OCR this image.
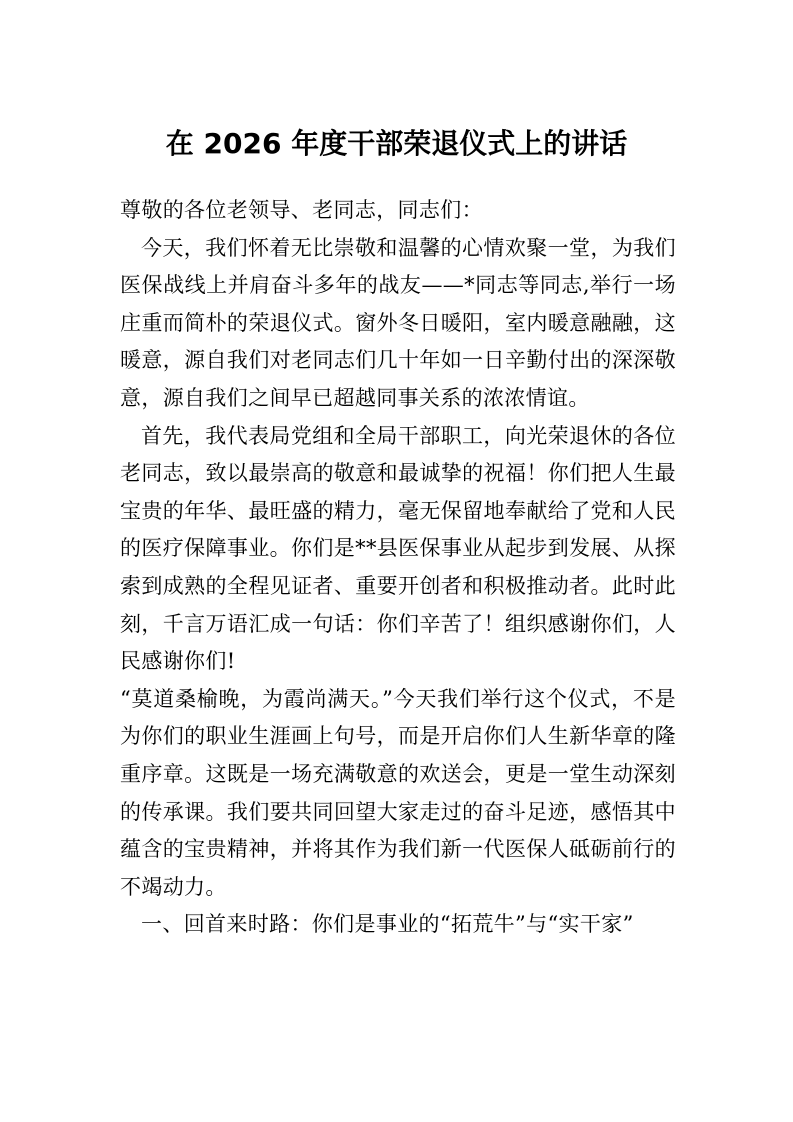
在 2026 年度干部荣退仪式上的讲话

尊敬的各位老领导、老同志，同志们：

今天，我们怀着无比崇敬和温馨的心情欢聚一堂，为我们医保战线上并肩奋斗多年的战友——*同志等同志,举行一场庄重而简朴的荣退仪式。窗外冬日暖阳，室内暖意融融，这暖意，源自我们对老同志们几十年如一日辛勤付出的深深敬意，源自我们之间早已超越同事关系的浓浓情谊。

首先，我代表局党组和全局干部职工，向光荣退休的各位老同志，致以最崇高的敬意和最诚挚的祝福！你们把人生最宝贵的年华、最旺盛的精力，毫无保留地奉献给了党和人民的医疗保障事业。你们是**县医保事业从起步到发展、从探索到成熟的全程见证者、重要开创者和积极推动者。此时此刻，千言万语汇成一句话：你们辛苦了！组织感谢你们，人民感谢你们!

“莫道桑榆晚，为霞尚满天。”今天我们举行这个仪式，不是为你们的职业生涯画上句号，而是开启你们人生新华章的隆重序章。这既是一场充满敬意的欢送会，更是一堂生动深刻的传承课。我们要共同回望大家走过的奋斗足迹，感悟其中蕴含的宝贵精神，并将其作为我们新一代医保人砥砺前行的不竭动力。

一、回首来时路：你们是事业的“拓荒牛”与“实干家”
